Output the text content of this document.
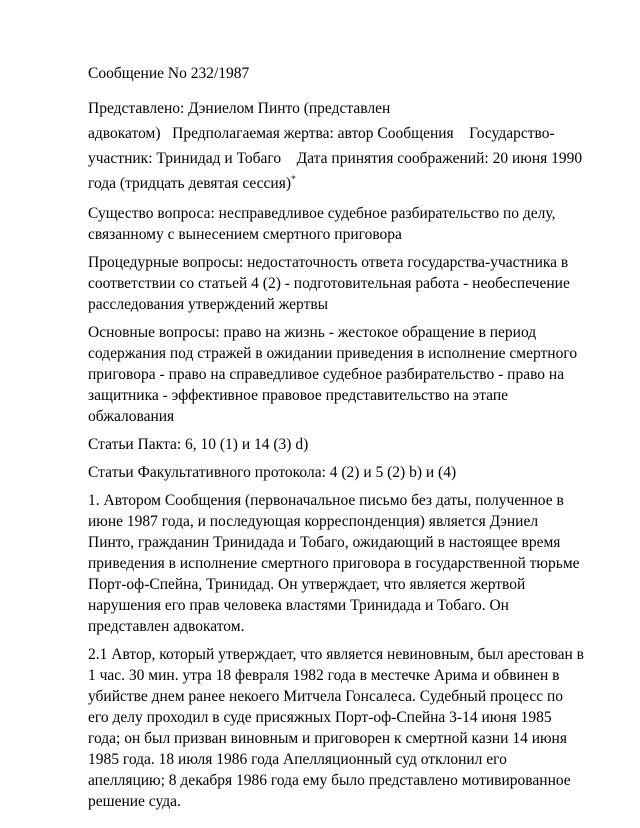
Сообщение No 232/1987

Представлено: Дэниелом Пинто (представлен
адвокатом)   Предполагаемая жертва: автор Сообщения    Государство-
участник: Тринидад и Тобаго    Дата принятия соображений: 20 июня 1990
года (тридцать девятая сессия)*

Существо вопроса: несправедливое судебное разбирательство по делу,
связанному с вынесением смертного приговора

Процедурные вопросы: недостаточность ответа государства-участника в
соответствии со статьей 4 (2) - подготовительная работа - необеспечение
расследования утверждений жертвы

Основные вопросы: право на жизнь - жестокое обращение в период
содержания под стражей в ожидании приведения в исполнение смертного
приговора - право на справедливое судебное разбирательство - право на
защитника - эффективное правовое представительство на этапе
обжалования

Статьи Пакта: 6, 10 (1) и 14 (3) d)

Статьи Факультативного протокола: 4 (2) и 5 (2) b) и (4)

1. Автором Сообщения (первоначальное письмо без даты, полученное в
июне 1987 года, и последующая корреспонденция) является Дэниел
Пинто, гражданин Тринидада и Тобаго, ожидающий в настоящее время
приведения в исполнение смертного приговора в государственной тюрьме
Порт-оф-Спейна, Тринидад. Он утверждает, что является жертвой
нарушения его прав человека властями Тринидада и Тобаго. Он
представлен адвокатом.

2.1 Автор, который утверждает, что является невиновным, был арестован в
1 час. 30 мин. утра 18 февраля 1982 года в местечке Арима и обвинен в
убийстве днем ранее некоего Митчела Гонсалеса. Судебный процесс по
его делу проходил в суде присяжных Порт-оф-Спейна 3-14 июня 1985
года; он был призван виновным и приговорен к смертной казни 14 июня
1985 года. 18 июля 1986 года Апелляционный суд отклонил его
апелляцию; 8 декабря 1986 года ему было представлено мотивированное
решение суда.
